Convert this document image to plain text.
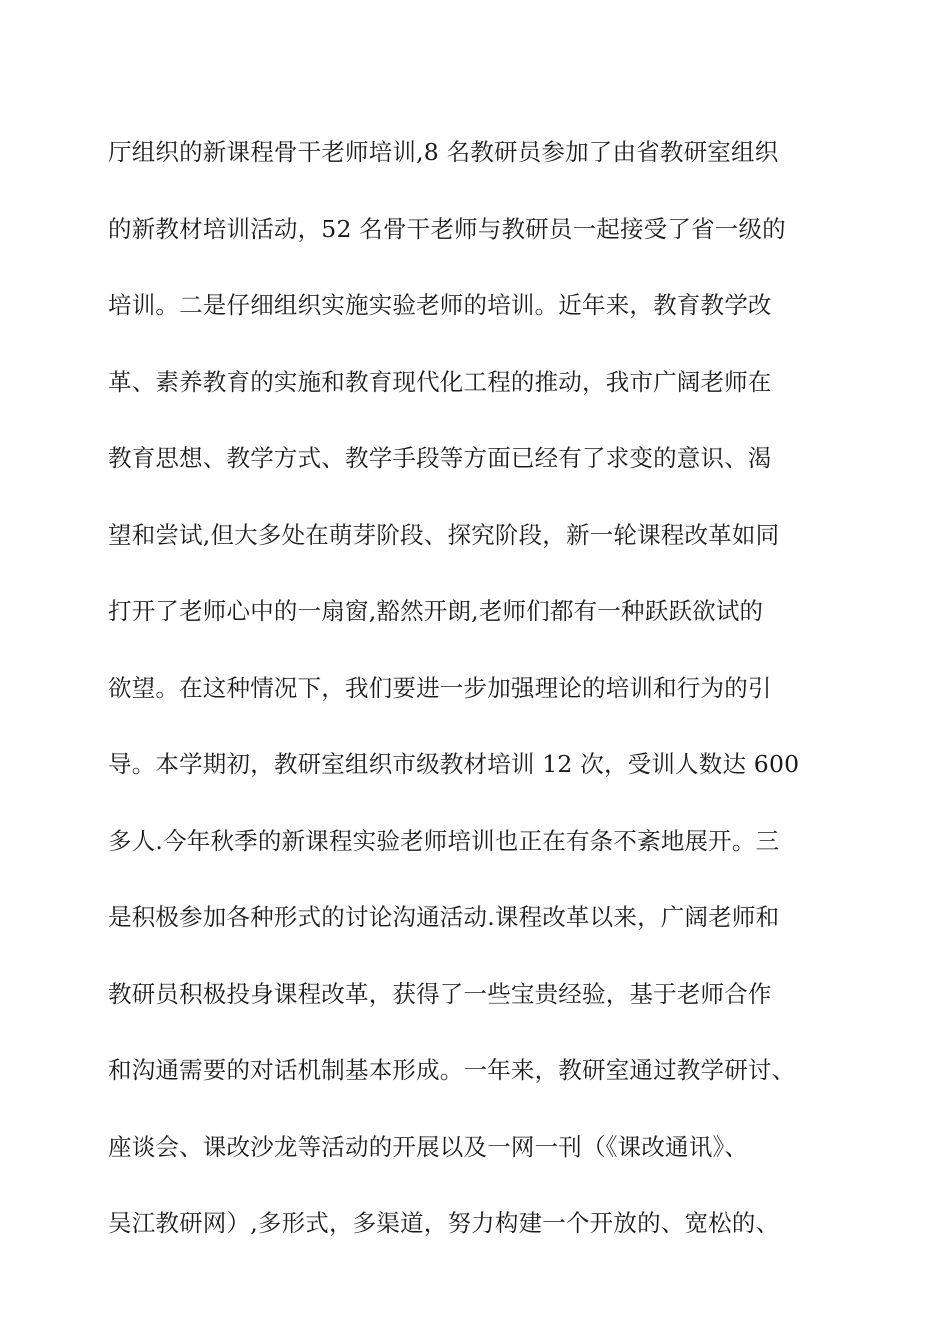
厅组织的新课程骨干老师培训,8 名教研员参加了由省教研室组织
的新教材培训活动，52 名骨干老师与教研员一起接受了省一级的
培训。二是仔细组织实施实验老师的培训。近年来，教育教学改
革、素养教育的实施和教育现代化工程的推动，我市广阔老师在
教育思想、教学方式、教学手段等方面已经有了求变的意识、渴
望和尝试,但大多处在萌芽阶段、探究阶段，新一轮课程改革如同
打开了老师心中的一扇窗,豁然开朗,老师们都有一种跃跃欲试的
欲望。在这种情况下，我们要进一步加强理论的培训和行为的引
导。本学期初，教研室组织市级教材培训 12 次，受训人数达 600
多人.今年秋季的新课程实验老师培训也正在有条不紊地展开。三
是积极参加各种形式的讨论沟通活动.课程改革以来，广阔老师和
教研员积极投身课程改革，获得了一些宝贵经验，基于老师合作
和沟通需要的对话机制基本形成。一年来，教研室通过教学研讨、
座谈会、课改沙龙等活动的开展以及一网一刊（《课改通讯》、
吴江教研网）,多形式，多渠道，努力构建一个开放的、宽松的、
